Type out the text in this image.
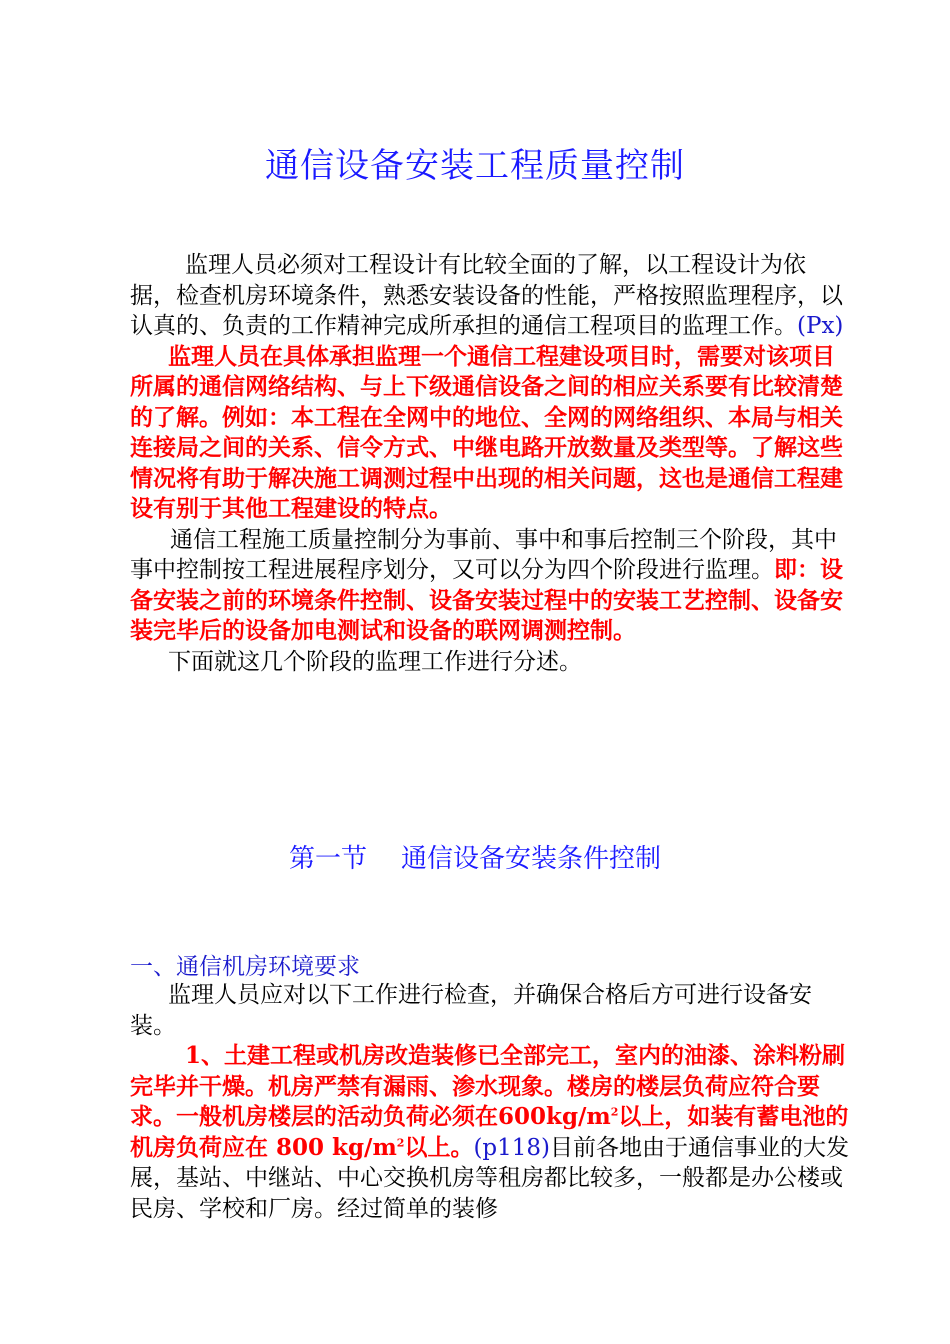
通信设备安装工程质量控制

监理人员必须对工程设计有比较全面的了解，以工程设计为依据，检查机房环境条件，熟悉安装设备的性能，严格按照监理程序，以认真的、负责的工作精神完成所承担的通信工程项目的监理工作。(Px)

监理人员在具体承担监理一个通信工程建设项目时，需要对该项目所属的通信网络结构、与上下级通信设备之间的相应关系要有比较清楚的了解。例如：本工程在全网中的地位、全网的网络组织、本局与相关连接局之间的关系、信令方式、中继电路开放数量及类型等。了解这些情况将有助于解决施工调测过程中出现的相关问题，这也是通信工程建设有别于其他工程建设的特点。

通信工程施工质量控制分为事前、事中和事后控制三个阶段，其中事中控制按工程进展程序划分，又可以分为四个阶段进行监理。即：设备安装之前的环境条件控制、设备安装过程中的安装工艺控制、设备安装完毕后的设备加电测试和设备的联网调测控制。

下面就这几个阶段的监理工作进行分述。

第一节 通信设备安装条件控制
一、通信机房环境要求

监理人员应对以下工作进行检查，并确保合格后方可进行设备安装。

1、土建工程或机房改造装修已全部完工，室内的油漆、涂料粉刷完毕并干燥。机房严禁有漏雨、渗水现象。楼房的楼层负荷应符合要求。一般机房楼层的活动负荷必须在$600kg/m^2$以上，如装有蓄电池的机房负荷应在 800 $kg/m^2$以上。(p118)目前各地由于通信事业的大发展，基站、中继站、中心交换机房等租房都比较多，一般都是办公楼或民房、学校和厂房。经过简单的装修
